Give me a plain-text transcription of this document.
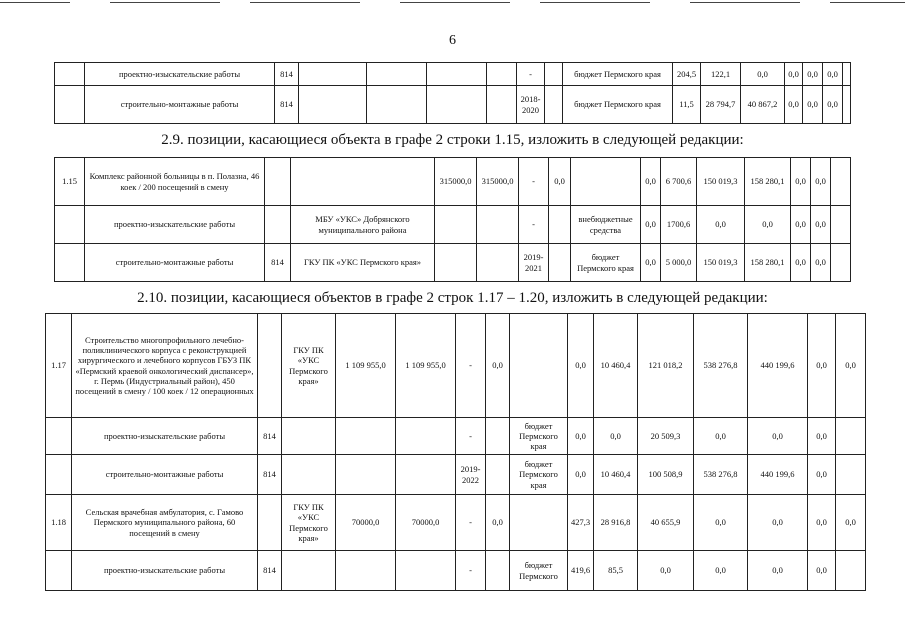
6
	проектно-изыскательские работы	814					-		бюджет Пермского края	204,5	122,1	0,0	0,0	0,0	0,0	
	строительно-монтажные работы	814					2018-2020		бюджет Пермского края	11,5	28 794,7	40 867,2	0,0	0,0	0,0	
2.9. позиции, касающиеся объекта в графе 2 строки 1.15, изложить в следующей редакции:
1.15	Комплекс районной больницы в п. Полазна, 46 коек / 200 посещений в смену			315000,0	315000,0	-	0,0		0,0	6 700,6	150 019,3	158 280,1	0,0	0,0	
	проектно-изыскательские работы		МБУ «УКС» Добрянского муниципального района			-		внебюджетные средства	0,0	1700,6	0,0	0,0	0,0	0,0	
	строительно-монтажные работы	814	ГКУ ПК «УКС Пермского края»			2019-2021		бюджет Пермского края	0,0	5 000,0	150 019,3	158 280,1	0,0	0,0	
2.10. позиции, касающиеся объектов в графе 2 строк 1.17 – 1.20, изложить в следующей редакции:
1.17	Строительство многопрофильного лечебно-поликлинического корпуса с реконструкцией хирургического и лечебного корпусов ГБУЗ ПК «Пермский краевой онкологический диспансер», г. Пермь (Индустриальный район), 450 посещений в смену / 100 коек / 12 операционных		ГКУ ПК «УКС Пермского края»	1 109 955,0	1 109 955,0	-	0,0		0,0	10 460,4	121 018,2	538 276,8	440 199,6	0,0	0,0
	проектно-изыскательские работы	814				-		бюджет Пермского края	0,0	0,0	20 509,3	0,0	0,0	0,0	
	строительно-монтажные работы	814				2019-2022		бюджет Пермского края	0,0	10 460,4	100 508,9	538 276,8	440 199,6	0,0	
1.18	Сельская врачебная амбулатория, с. Гамово Пермского муниципального района, 60 посещений в смену		ГКУ ПК «УКС Пермского края»	70000,0	70000,0	-	0,0		427,3	28 916,8	40 655,9	0,0	0,0	0,0	0,0
	проектно-изыскательские работы	814				-		бюджет Пермского	419,6	85,5	0,0	0,0	0,0	0,0	
